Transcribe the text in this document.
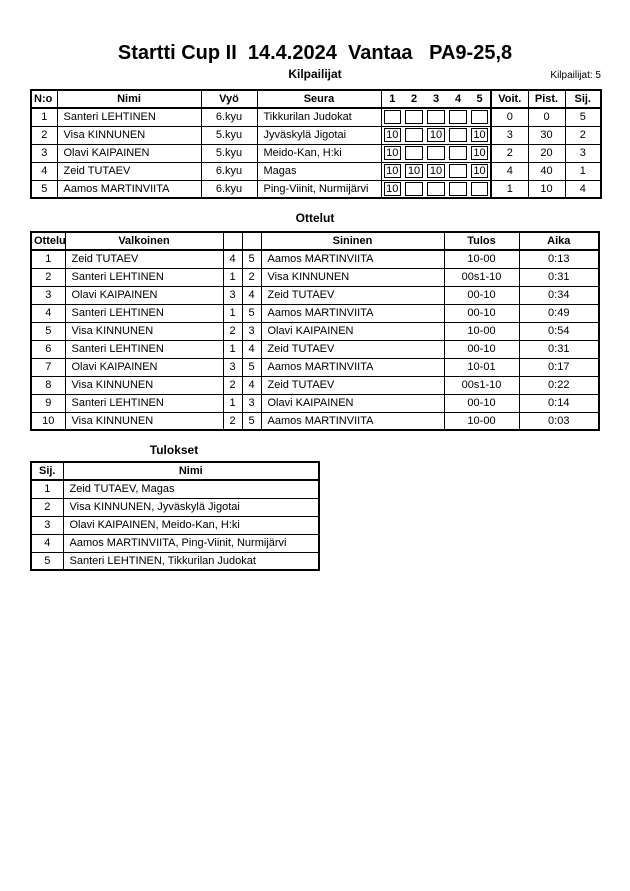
Startti Cup II  14.4.2024  Vantaa   PA9-25,8
Kilpailijat	Kilpailijat: 5
N:o	Nimi	Vyö	Seura	1	2	3	4	5	Voit.	Pist.	Sij.
1	Santeri LEHTINEN	6.kyu	Tikkurilan Judokat						0	0	5
2	Visa KINNUNEN	5.kyu	Jyväskylä Jigotai	10		10		10	3	30	2
3	Olavi KAIPAINEN	5.kyu	Meido-Kan, H:ki	10				10	2	20	3
4	Zeid TUTAEV	6.kyu	Magas	10	10	10		10	4	40	1
5	Aamos MARTINVIITA	6.kyu	Ping-Viinit, Nurmijärvi	10					1	10	4
Ottelut
Ottelu	Valkoinen			Sininen	Tulos	Aika
1	Zeid TUTAEV	4	5	Aamos MARTINVIITA	10-00	0:13
2	Santeri LEHTINEN	1	2	Visa KINNUNEN	00s1-10	0:31
3	Olavi KAIPAINEN	3	4	Zeid TUTAEV	00-10	0:34
4	Santeri LEHTINEN	1	5	Aamos MARTINVIITA	00-10	0:49
5	Visa KINNUNEN	2	3	Olavi KAIPAINEN	10-00	0:54
6	Santeri LEHTINEN	1	4	Zeid TUTAEV	00-10	0:31
7	Olavi KAIPAINEN	3	5	Aamos MARTINVIITA	10-01	0:17
8	Visa KINNUNEN	2	4	Zeid TUTAEV	00s1-10	0:22
9	Santeri LEHTINEN	1	3	Olavi KAIPAINEN	00-10	0:14
10	Visa KINNUNEN	2	5	Aamos MARTINVIITA	10-00	0:03
Tulokset
Sij.	Nimi
1	Zeid TUTAEV, Magas
2	Visa KINNUNEN, Jyväskylä Jigotai
3	Olavi KAIPAINEN, Meido-Kan, H:ki
4	Aamos MARTINVIITA, Ping-Viinit, Nurmijärvi
5	Santeri LEHTINEN, Tikkurilan Judokat
